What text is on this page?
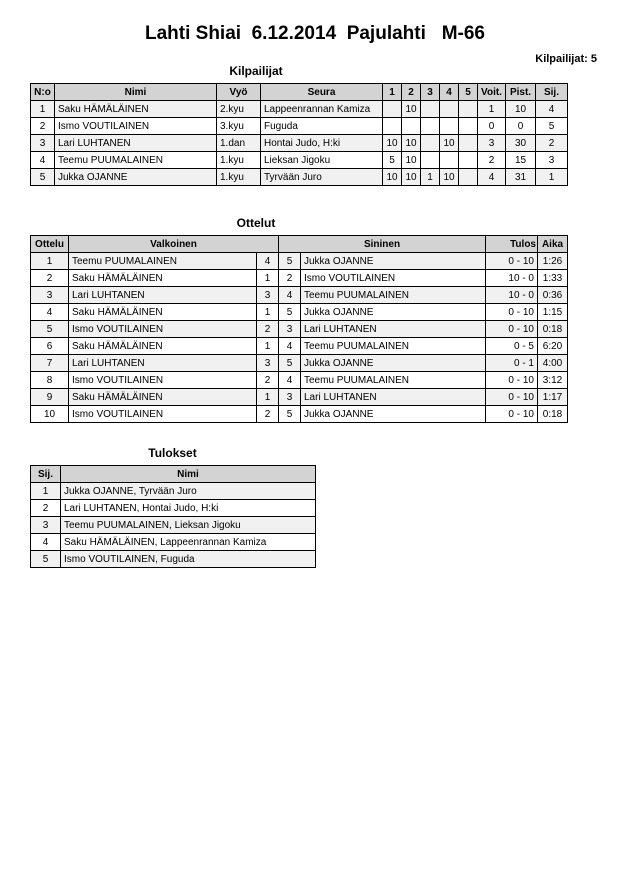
Lahti Shiai  6.12.2014  Pajulahti   M-66
Kilpailijat: 5
Kilpailijat
N:o	Nimi	Vyö	Seura	1	2	3	4	5	Voit.	Pist.	Sij.
1	Saku HÄMÄLÄINEN	2.kyu	Lappeenrannan Kamiza		10				1	10	4
2	Ismo VOUTILAINEN	3.kyu	Fuguda						0	0	5
3	Lari LUHTANEN	1.dan	Hontai Judo, H:ki	10	10		10		3	30	2
4	Teemu PUUMALAINEN	1.kyu	Lieksan Jigoku	5	10				2	15	3
5	Jukka OJANNE	1.kyu	Tyrvään Juro	10	10	1	10		4	31	1
Ottelut
Ottelu	Valkoinen		Sininen		Tulos	Aika
1	Teemu PUUMALAINEN	4	5	Jukka OJANNE	0 - 10	1:26
2	Saku HÄMÄLÄINEN	1	2	Ismo VOUTILAINEN	10 - 0	1:33
3	Lari LUHTANEN	3	4	Teemu PUUMALAINEN	10 - 0	0:36
4	Saku HÄMÄLÄINEN	1	5	Jukka OJANNE	0 - 10	1:15
5	Ismo VOUTILAINEN	2	3	Lari LUHTANEN	0 - 10	0:18
6	Saku HÄMÄLÄINEN	1	4	Teemu PUUMALAINEN	0 - 5	6:20
7	Lari LUHTANEN	3	5	Jukka OJANNE	0 - 1	4:00
8	Ismo VOUTILAINEN	2	4	Teemu PUUMALAINEN	0 - 10	3:12
9	Saku HÄMÄLÄINEN	1	3	Lari LUHTANEN	0 - 10	1:17
10	Ismo VOUTILAINEN	2	5	Jukka OJANNE	0 - 10	0:18
Tulokset
Sij.	Nimi
1	Jukka OJANNE, Tyrvään Juro
2	Lari LUHTANEN, Hontai Judo, H:ki
3	Teemu PUUMALAINEN, Lieksan Jigoku
4	Saku HÄMÄLÄINEN, Lappeenrannan Kamiza
5	Ismo VOUTILAINEN, Fuguda
